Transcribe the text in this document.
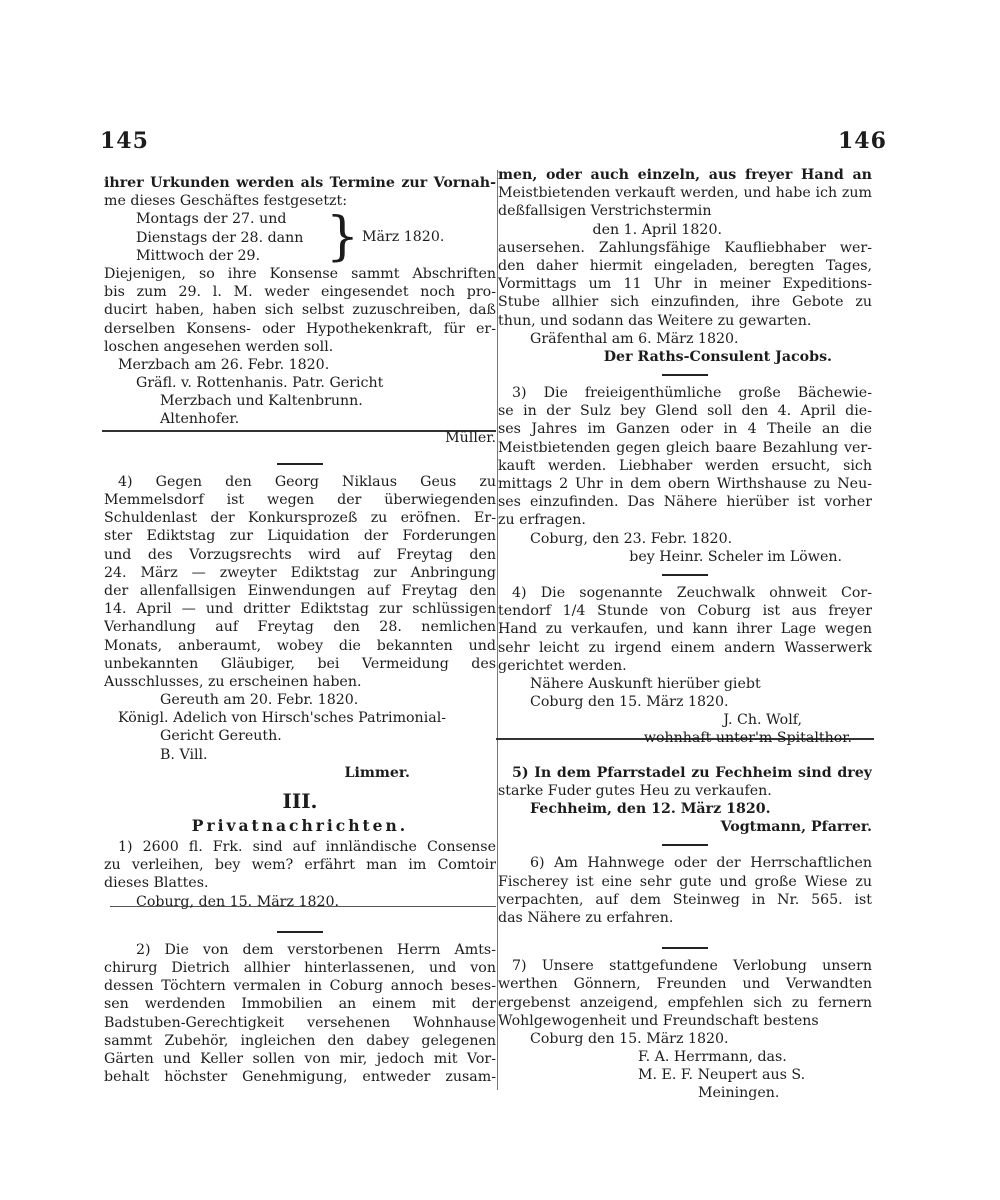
145	146
ihrer Urkunden werden als Termine zur Vornah-
me dieses Geschäftes festgesetzt:
Montags der 27. und
Dienstags der 28. dann
Mittwoch der 29.	} März 1820.
Diejenigen, so ihre Konsense sammt Abschriften
bis zum 29. l. M. weder eingesendet noch pro-
ducirt haben, haben sich selbst zuzuschreiben, daß
derselben Konsens- oder Hypothekenkraft, für er-
loschen angesehen werden soll.
Merzbach am 26. Febr. 1820.
Gräfl. v. Rottenhanis. Patr. Gericht
Merzbach und Kaltenbrunn.
Altenhofer.
Müller.
4) Gegen den Georg Niklaus Geus zu
Memmelsdorf ist wegen der überwiegenden
Schuldenlast der Konkursprozeß zu eröfnen. Er-
ster Ediktstag zur Liquidation der Forderungen
und des Vorzugsrechts wird auf Freytag den
24. März — zweyter Ediktstag zur Anbringung
der allenfallsigen Einwendungen auf Freytag den
14. April — und dritter Ediktstag zur schlüssigen
Verhandlung auf Freytag den 28. nemlichen
Monats, anberaumt, wobey die bekannten und
unbekannten Gläubiger, bei Vermeidung des
Ausschlusses, zu erscheinen haben.
Gereuth am 20. Febr. 1820.
Königl. Adelich von Hirsch'sches Patrimonial-
Gericht Gereuth.
B. Vill.
Limmer.
III.
Privatnachrichten.
1) 2600 fl. Frk. sind auf innländische Consense
zu verleihen, bey wem? erfährt man im Comtoir
dieses Blattes.
Coburg, den 15. März 1820.
2) Die von dem verstorbenen Herrn Amts-
chirurg Dietrich allhier hinterlassenen, und von
dessen Töchtern vermalen in Coburg annoch beses-
sen werdenden Immobilien an einem mit der
Badstuben-Gerechtigkeit versehenen Wohnhause
sammt Zubehör, ingleichen den dabey gelegenen
Gärten und Keller sollen von mir, jedoch mit Vor-
behalt höchster Genehmigung, entweder zusam-
men, oder auch einzeln, aus freyer Hand an
Meistbietenden verkauft werden, und habe ich zum
deßfallsigen Verstrichstermin
den 1. April 1820.
ausersehen. Zahlungsfähige Kaufliebhaber wer-
den daher hiermit eingeladen, beregten Tages,
Vormittags um 11 Uhr in meiner Expeditions-
Stube allhier sich einzufinden, ihre Gebote zu
thun, und sodann das Weitere zu gewarten.
Gräfenthal am 6. März 1820.
Der Raths-Consulent Jacobs.
3) Die freieigenthümliche große Bächewie-
se in der Sulz bey Glend soll den 4. April die-
ses Jahres im Ganzen oder in 4 Theile an die
Meistbietenden gegen gleich baare Bezahlung ver-
kauft werden. Liebhaber werden ersucht, sich
mittags 2 Uhr in dem obern Wirthshause zu Neu-
ses einzufinden. Das Nähere hierüber ist vorher
zu erfragen.
Coburg, den 23. Febr. 1820.
bey Heinr. Scheler im Löwen.
4) Die sogenannte Zeuchwalk ohnweit Cor-
tendorf 1/4 Stunde von Coburg ist aus freyer
Hand zu verkaufen, und kann ihrer Lage wegen
sehr leicht zu irgend einem andern Wasserwerk
gerichtet werden.
Nähere Auskunft hierüber giebt
Coburg den 15. März 1820.
J. Ch. Wolf,
wohnhaft unter'm Spitalthor.
5) In dem Pfarrstadel zu Fechheim sind drey
starke Fuder gutes Heu zu verkaufen.
Fechheim, den 12. März 1820.
Vogtmann, Pfarrer.
6) Am Hahnwege oder der Herrschaftlichen
Fischerey ist eine sehr gute und große Wiese zu
verpachten, auf dem Steinweg in Nr. 565. ist
das Nähere zu erfahren.
7) Unsere stattgefundene Verlobung unsern
werthen Gönnern, Freunden und Verwandten
ergebenst anzeigend, empfehlen sich zu fernern
Wohlgewogenheit und Freundschaft bestens
Coburg den 15. März 1820.
F. A. Herrmann, das.
M. E. F. Neupert aus S.
Meiningen.
